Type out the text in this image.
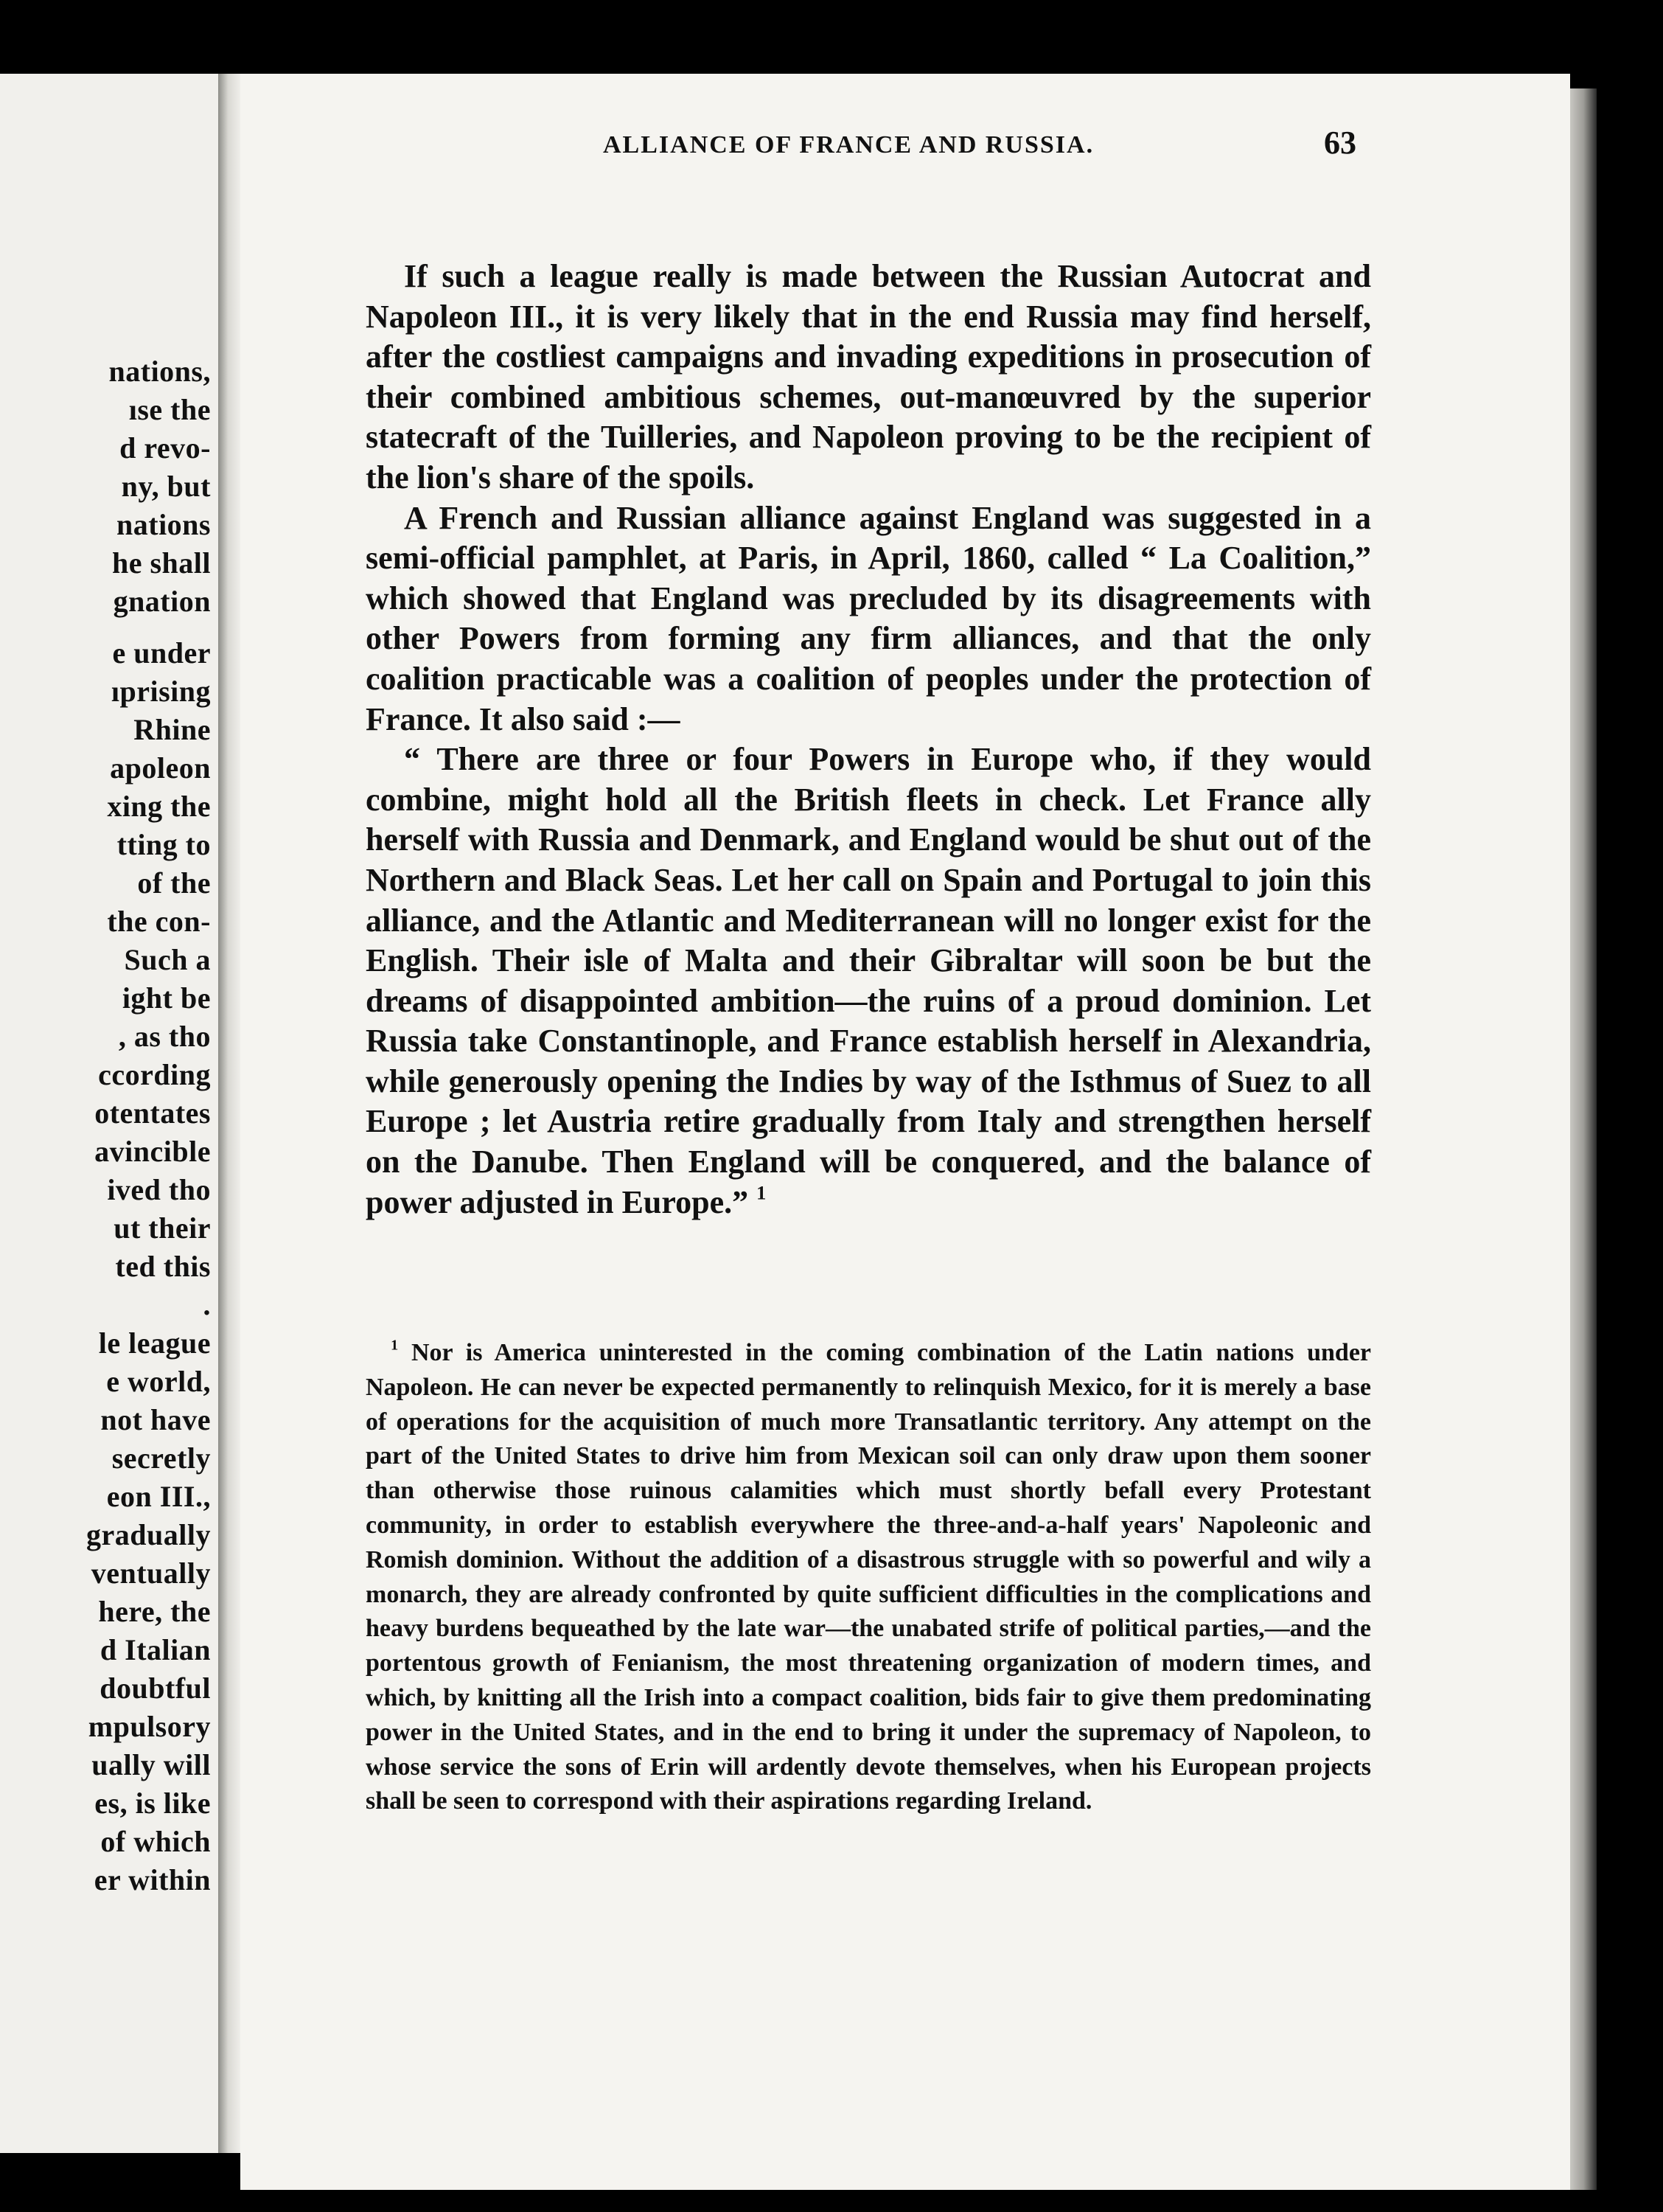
nations,
ıse the
d revo-
ny, but
nations
he shall
gnation
e under
ıprising
Rhine
apoleon
xing the
tting to
of the
the con-
Such a
ight be
, as tho
ccording
otentates
avincible
ived tho
ut their
ted this
.
le league
e world,
not have
secretly
eon III.,
gradually
ventually
here, the
d Italian
doubtful
mpulsory
ually will
es, is like
of which
er within
ALLIANCE OF FRANCE AND RUSSIA.	63

If such a league really is made between the Russian Autocrat and Napoleon III., it is very likely that in the end Russia may find herself, after the costliest campaigns and invading expeditions in prosecution of their combined ambitious schemes, out-manœuvred by the superior statecraft of the Tuilleries, and Napoleon proving to be the recipient of the lion's share of the spoils.

A French and Russian alliance against England was suggested in a semi-official pamphlet, at Paris, in April, 1860, called “ La Coalition,” which showed that England was precluded by its disagreements with other Powers from forming any firm alliances, and that the only coalition practicable was a coalition of peoples under the protection of France. It also said :—

“ There are three or four Powers in Europe who, if they would combine, might hold all the British fleets in check. Let France ally herself with Russia and Denmark, and England would be shut out of the Northern and Black Seas. Let her call on Spain and Portugal to join this alliance, and the Atlantic and Mediterranean will no longer exist for the English. Their isle of Malta and their Gibraltar will soon be but the dreams of disappointed ambition—the ruins of a proud dominion. Let Russia take Constantinople, and France establish herself in Alexandria, while generously opening the Indies by way of the Isthmus of Suez to all Europe ; let Austria retire gradually from Italy and strengthen herself on the Danube. Then England will be conquered, and the balance of power adjusted in Europe.” $^1$

$^1$ Nor is America uninterested in the coming combination of the Latin nations under Napoleon. He can never be expected permanently to relinquish Mexico, for it is merely a base of operations for the acquisition of much more Transatlantic territory. Any attempt on the part of the United States to drive him from Mexican soil can only draw upon them sooner than otherwise those ruinous calamities which must shortly befall every Protestant community, in order to establish everywhere the three-and-a-half years' Napoleonic and Romish dominion. Without the addition of a disastrous struggle with so powerful and wily a monarch, they are already confronted by quite sufficient difficulties in the complications and heavy burdens bequeathed by the late war—the unabated strife of political parties,—and the portentous growth of Fenianism, the most threatening organization of modern times, and which, by knitting all the Irish into a compact coalition, bids fair to give them predominating power in the United States, and in the end to bring it under the supremacy of Napoleon, to whose service the sons of Erin will ardently devote themselves, when his European projects shall be seen to correspond with their aspirations regarding Ireland.
